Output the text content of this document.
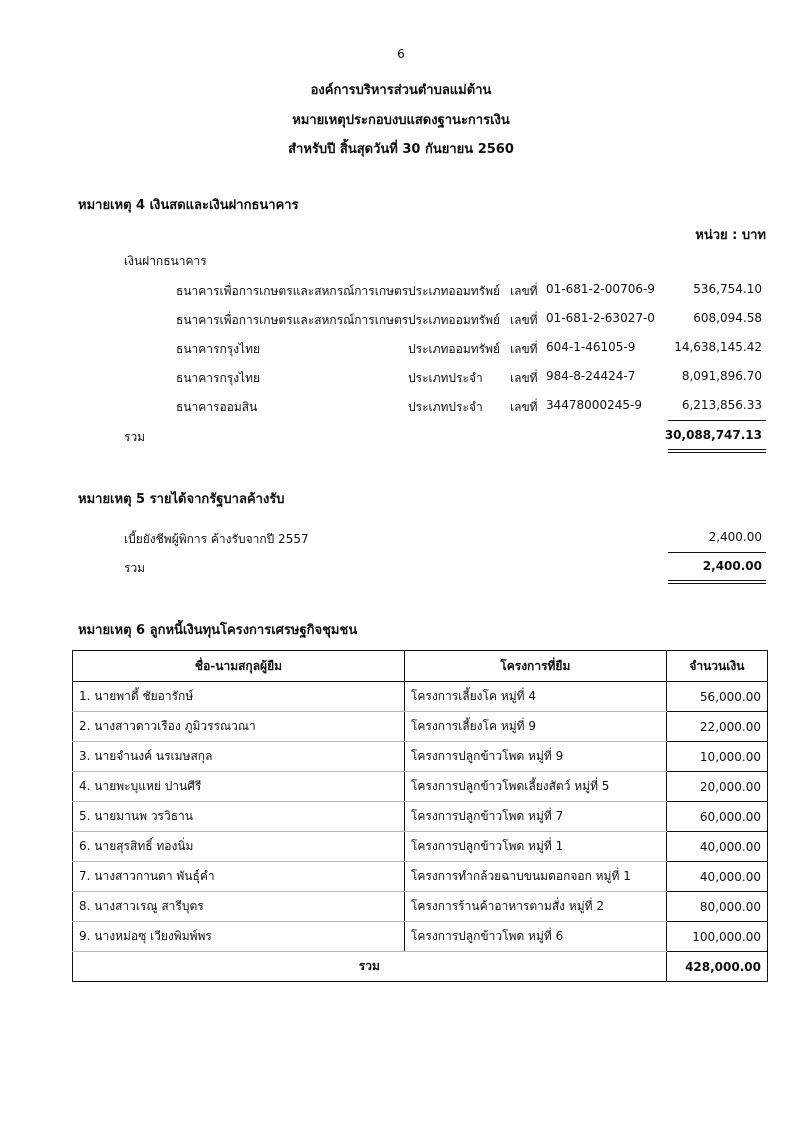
6
องค์การบริหารส่วนตำบลแม่ต้าน
หมายเหตุประกอบงบแสดงฐานะการเงิน
สำหรับปี สิ้นสุดวันที่ 30 กันยายน 2560
หมายเหตุ 4 เงินสดและเงินฝากธนาคาร
หน่วย : บาท
เงินฝากธนาคาร
ธนาคารเพื่อการเกษตรและสหกรณ์การเกษตร ประเภทออมทรัพย์ เลขที่ 01-681-2-00706-9	536,754.10
ธนาคารเพื่อการเกษตรและสหกรณ์การเกษตร ประเภทออมทรัพย์ เลขที่ 01-681-2-63027-0	608,094.58
ธนาคารกรุงไทย	ประเภทออมทรัพย์ เลขที่ 604-1-46105-9	14,638,145.42
ธนาคารกรุงไทย	ประเภทประจำ เลขที่ 984-8-24424-7	8,091,896.70
ธนาคารออมสิน	ประเภทประจำ เลขที่ 34478000245-9	6,213,856.33
รวม	30,088,747.13
หมายเหตุ 5 รายได้จากรัฐบาลค้างรับ
เบี้ยยังชีพผู้พิการ ค้างรับจากปี 2557	2,400.00
รวม	2,400.00
หมายเหตุ 6 ลูกหนี้เงินทุนโครงการเศรษฐกิจชุมชน
ชื่อ-นามสกุลผู้ยืม	โครงการที่ยืม	จำนวนเงิน
1. นายพาดี้ ชัยอารักษ์	โครงการเลี้ยงโค หมู่ที่ 4	56,000.00
2. นางสาวดาวเรือง ภูมิวรรณวณา	โครงการเลี้ยงโค หมู่ที่ 9	22,000.00
3. นายจำนงค์ นรเมษสกุล	โครงการปลูกข้าวโพด หมู่ที่ 9	10,000.00
4. นายพะบุแหย่ ปานศีรี	โครงการปลูกข้าวโพดเลี้ยงสัตว์ หมู่ที่ 5	20,000.00
5. นายมานพ วรวิธาน	โครงการปลูกข้าวโพด หมู่ที่ 7	60,000.00
6. นายสุรสิทธิ์ ทองนิ่ม	โครงการปลูกข้าวโพด หมู่ที่ 1	40,000.00
7. นางสาวกานดา พันธุ์คำ	โครงการทำกล้วยฉาบขนมดอกจอก หมู่ที่ 1	40,000.00
8. นางสาวเรณู สารีบุตร	โครงการร้านค้าอาหารตามสั่ง หมู่ที่ 2	80,000.00
9. นางหม่อซุ เวียงพิมพ์พร	โครงการปลูกข้าวโพด หมู่ที่ 6	100,000.00
รวม		428,000.00
